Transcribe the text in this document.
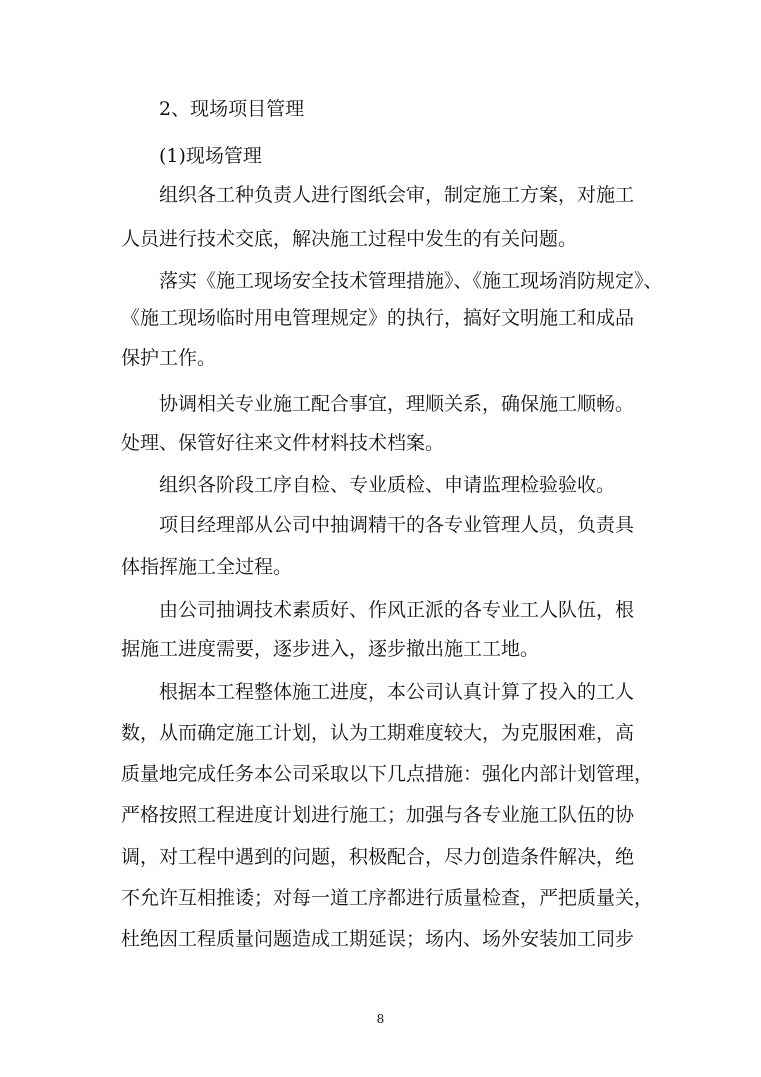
2、现场项目管理
(1)现场管理
组织各工种负责人进行图纸会审，制定施工方案，对施工
人员进行技术交底，解决施工过程中发生的有关问题。
落实《施工现场安全技术管理措施》、《施工现场消防规定》、
《施工现场临时用电管理规定》的执行，搞好文明施工和成品
保护工作。
协调相关专业施工配合事宜，理顺关系，确保施工顺畅。
处理、保管好往来文件材料技术档案。
组织各阶段工序自检、专业质检、申请监理检验验收。
项目经理部从公司中抽调精干的各专业管理人员，负责具
体指挥施工全过程。
由公司抽调技术素质好、作风正派的各专业工人队伍，根
据施工进度需要，逐步进入，逐步撤出施工工地。
根据本工程整体施工进度，本公司认真计算了投入的工人
数，从而确定施工计划，认为工期难度较大，为克服困难，高
质量地完成任务本公司采取以下几点措施：强化内部计划管理，
严格按照工程进度计划进行施工；加强与各专业施工队伍的协
调，对工程中遇到的问题，积极配合，尽力创造条件解决，绝
不允许互相推诿；对每一道工序都进行质量检查，严把质量关，
杜绝因工程质量问题造成工期延误；场内、场外安装加工同步
8
